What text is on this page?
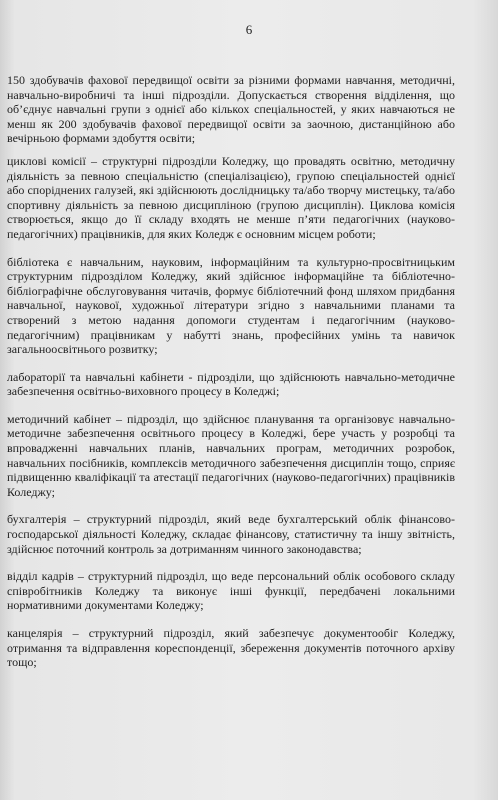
6

150 здобувачів фахової передвищої освіти за різними формами навчання, методичні, навчально-виробничі та інші підрозділи. Допускається створення відділення, що об’єднує навчальні групи з однієї або кількох спеціальностей, у яких навчаються не менш як 200 здобувачів фахової передвищої освіти за заочною, дистанційною або вечірньою формами здобуття освіти;

циклові комісії – структурні підрозділи Коледжу, що провадять освітню, методичну діяльність за певною спеціальністю (спеціалізацією), групою спеціальностей однієї або споріднених галузей, які здійснюють дослідницьку та/або творчу мистецьку, та/або спортивну діяльність за певною дисципліною (групою дисциплін). Циклова комісія створюється, якщо до її складу входять не менше п’яти педагогічних (науково-педагогічних) працівників, для яких Коледж є основним місцем роботи;

бібліотека є навчальним, науковим, інформаційним та культурно-просвітницьким структурним підрозділом Коледжу, який здійснює інформаційне та бібліотечно-бібліографічне обслуговування читачів, формує бібліотечний фонд шляхом придбання навчальної, наукової, художньої літератури згідно з навчальними планами та створений з метою надання допомоги студентам і педагогічним (науково-педагогічним) працівникам у набутті знань, професійних умінь та навичок загальноосвітнього розвитку;

лабораторії та навчальні кабінети - підрозділи, що здійснюють навчально-методичне забезпечення освітньо-виховного процесу в Коледжі;

методичний кабінет – підрозділ, що здійснює планування та організовує навчально-методичне забезпечення освітнього процесу в Коледжі, бере участь у розробці та впровадженні навчальних планів, навчальних програм, методичних розробок, навчальних посібників, комплексів методичного забезпечення дисциплін тощо, сприяє підвищенню кваліфікації та атестації педагогічних (науково-педагогічних) працівників Коледжу;

бухгалтерія – структурний підрозділ, який веде бухгалтерський облік фінансово-господарської діяльності Коледжу, складає фінансову, статистичну та іншу звітність, здійснює поточний контроль за дотриманням чинного законодавства;

відділ кадрів – структурний підрозділ, що веде персональний облік особового складу співробітників Коледжу та виконує інші функції, передбачені локальними нормативними документами Коледжу;

канцелярія – структурний підрозділ, який забезпечує документообіг Коледжу, отримання та відправлення кореспонденції, збереження документів поточного архіву тощо;
